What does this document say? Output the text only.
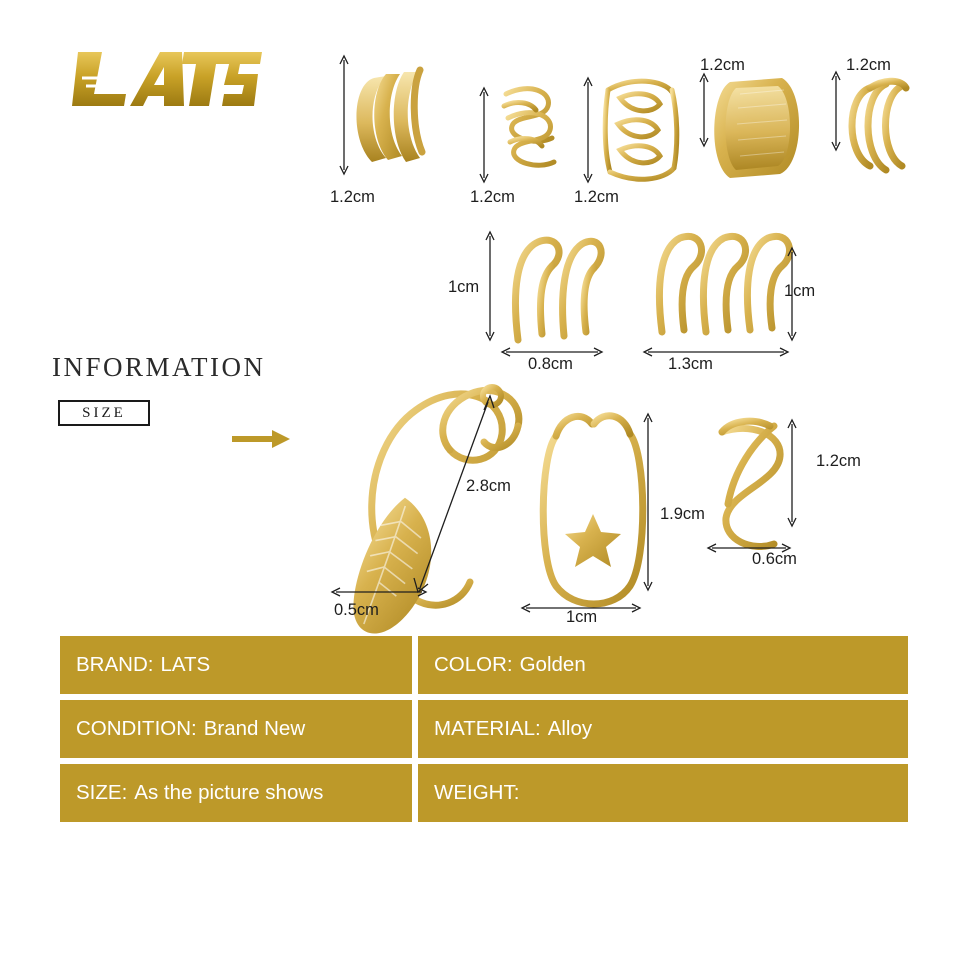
INFORMATION
SIZE
1.2cm	1.2cm	1.2cm
1.2cm	1.2cm
1cm
0.8cm
1cm
1.3cm
2.8cm
0.5cm
1.9cm
1cm
1.2cm
0.6cm
BRAND: LATS	COLOR: Golden
CONDITION: Brand New	MATERIAL: Alloy
SIZE: As the picture shows	WEIGHT:
